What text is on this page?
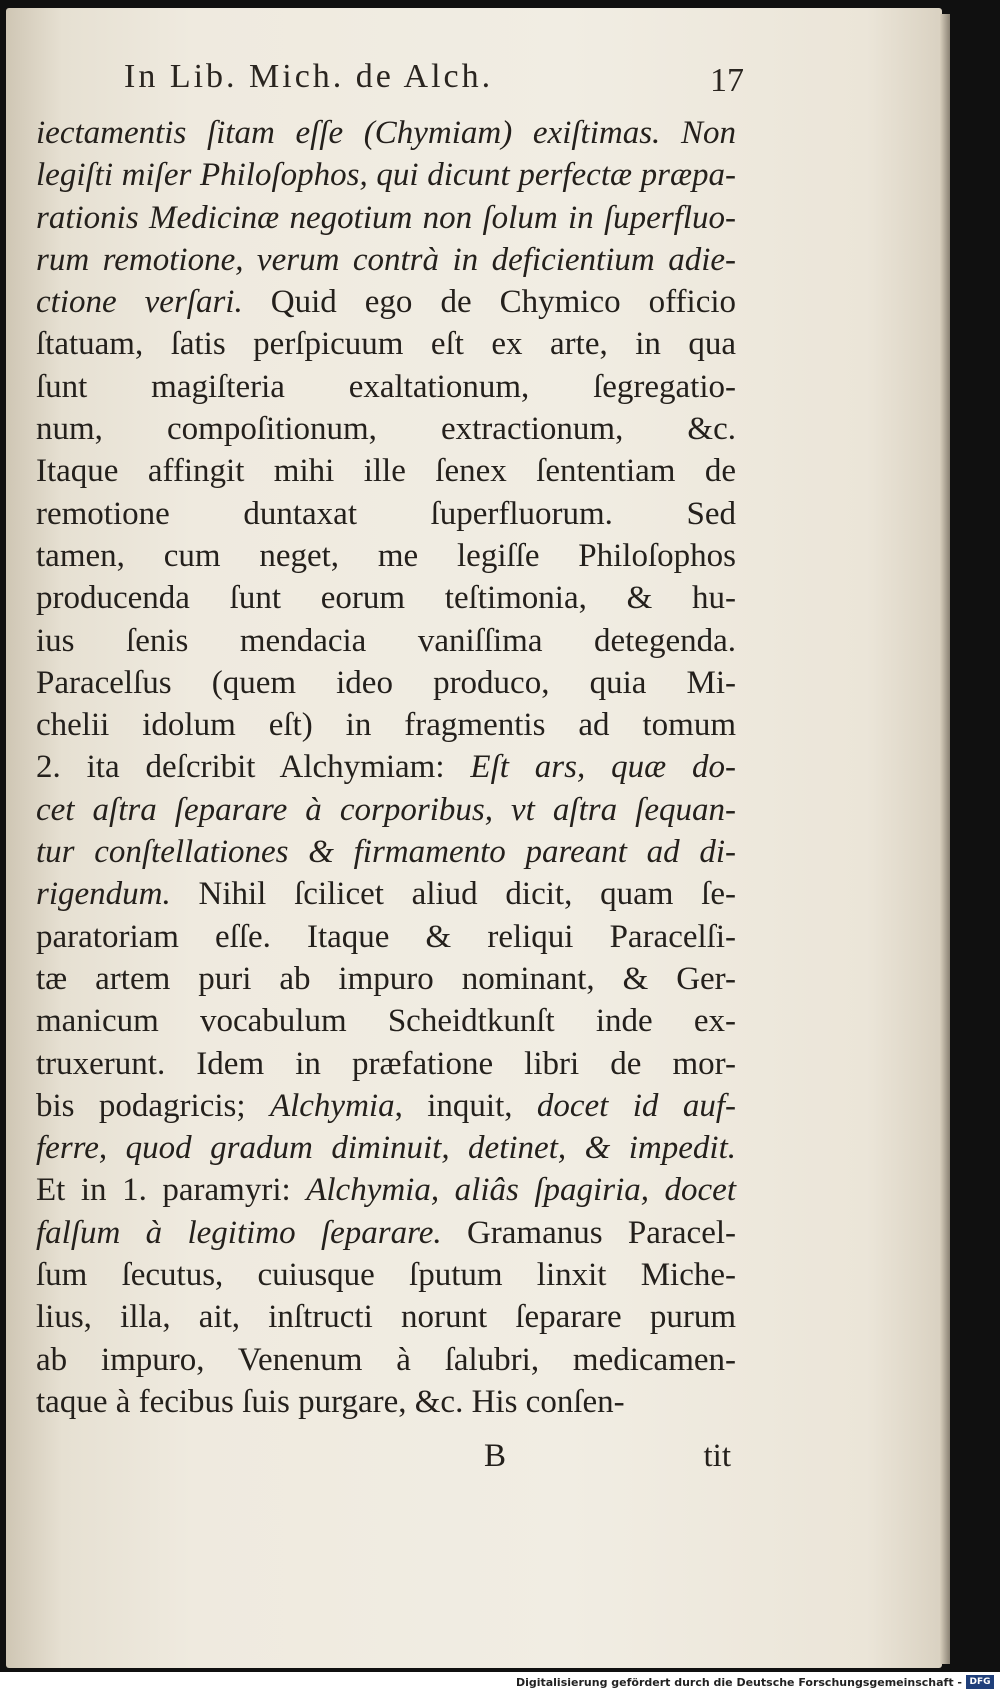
In Lib. Mich. de Alch.	17
iectamentis ſitam eſſe (Chymiam) exiſtimas. Non
legiſti miſer Philoſophos, qui dicunt perfectæ præpa-
rationis Medicinæ negotium non ſolum in ſuperfluo-
rum remotione, verum contrà in deficientium adie-
ctione verſari. Quid ego de Chymico officio
ſtatuam, ſatis perſpicuum eſt ex arte, in qua
ſunt magiſteria exaltationum, ſegregatio-
num, compoſitionum, extractionum, &c.
Itaque affingit mihi ille ſenex ſententiam de
remotione duntaxat ſuperfluorum. Sed
tamen, cum neget, me legiſſe Philoſophos
producenda ſunt eorum teſtimonia, & hu-
ius ſenis mendacia vaniſſima detegenda.
Paracelſus (quem ideo produco, quia Mi-
chelii idolum eſt) in fragmentis ad tomum
2. ita deſcribit Alchymiam: Eſt ars, quæ do-
cet aſtra ſeparare à corporibus, vt aſtra ſequan-
tur conſtellationes & firmamento pareant ad di-
rigendum. Nihil ſcilicet aliud dicit, quam ſe-
paratoriam eſſe. Itaque & reliqui Paracelſi-
tæ artem puri ab impuro nominant, & Ger-
manicum vocabulum Scheidtkunſt inde ex-
truxerunt. Idem in præfatione libri de mor-
bis podagricis; Alchymia, inquit, docet id auf-
ferre, quod gradum diminuit, detinet, & impedit.
Et in 1. paramyri: Alchymia, aliâs ſpagiria, docet
falſum à legitimo ſeparare. Gramanus Paracel-
ſum ſecutus, cuiusque ſputum linxit Miche-
lius, illa, ait, inſtructi norunt ſeparare purum
ab impuro, Venenum à ſalubri, medicamen-
taque à fecibus ſuis purgare, &c. His conſen-
B	tit
Digitalisierung gefördert durch die Deutsche Forschungsgemeinschaft - DFG
